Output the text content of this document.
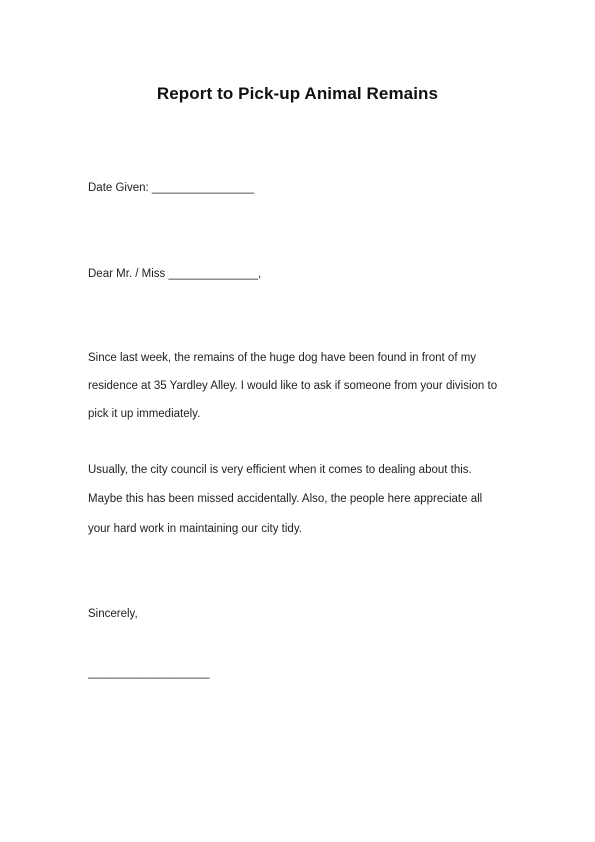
Report to Pick-up Animal Remains
Date Given: ________________
Dear Mr. / Miss ______________,
Since last week, the remains of the huge dog have been found in front of my
residence at 35 Yardley Alley. I would like to ask if someone from your division to
pick it up immediately.
Usually, the city council is very efficient when it comes to dealing about this.
Maybe this has been missed accidentally. Also, the people here appreciate all
your hard work in maintaining our city tidy.
Sincerely,
___________________
